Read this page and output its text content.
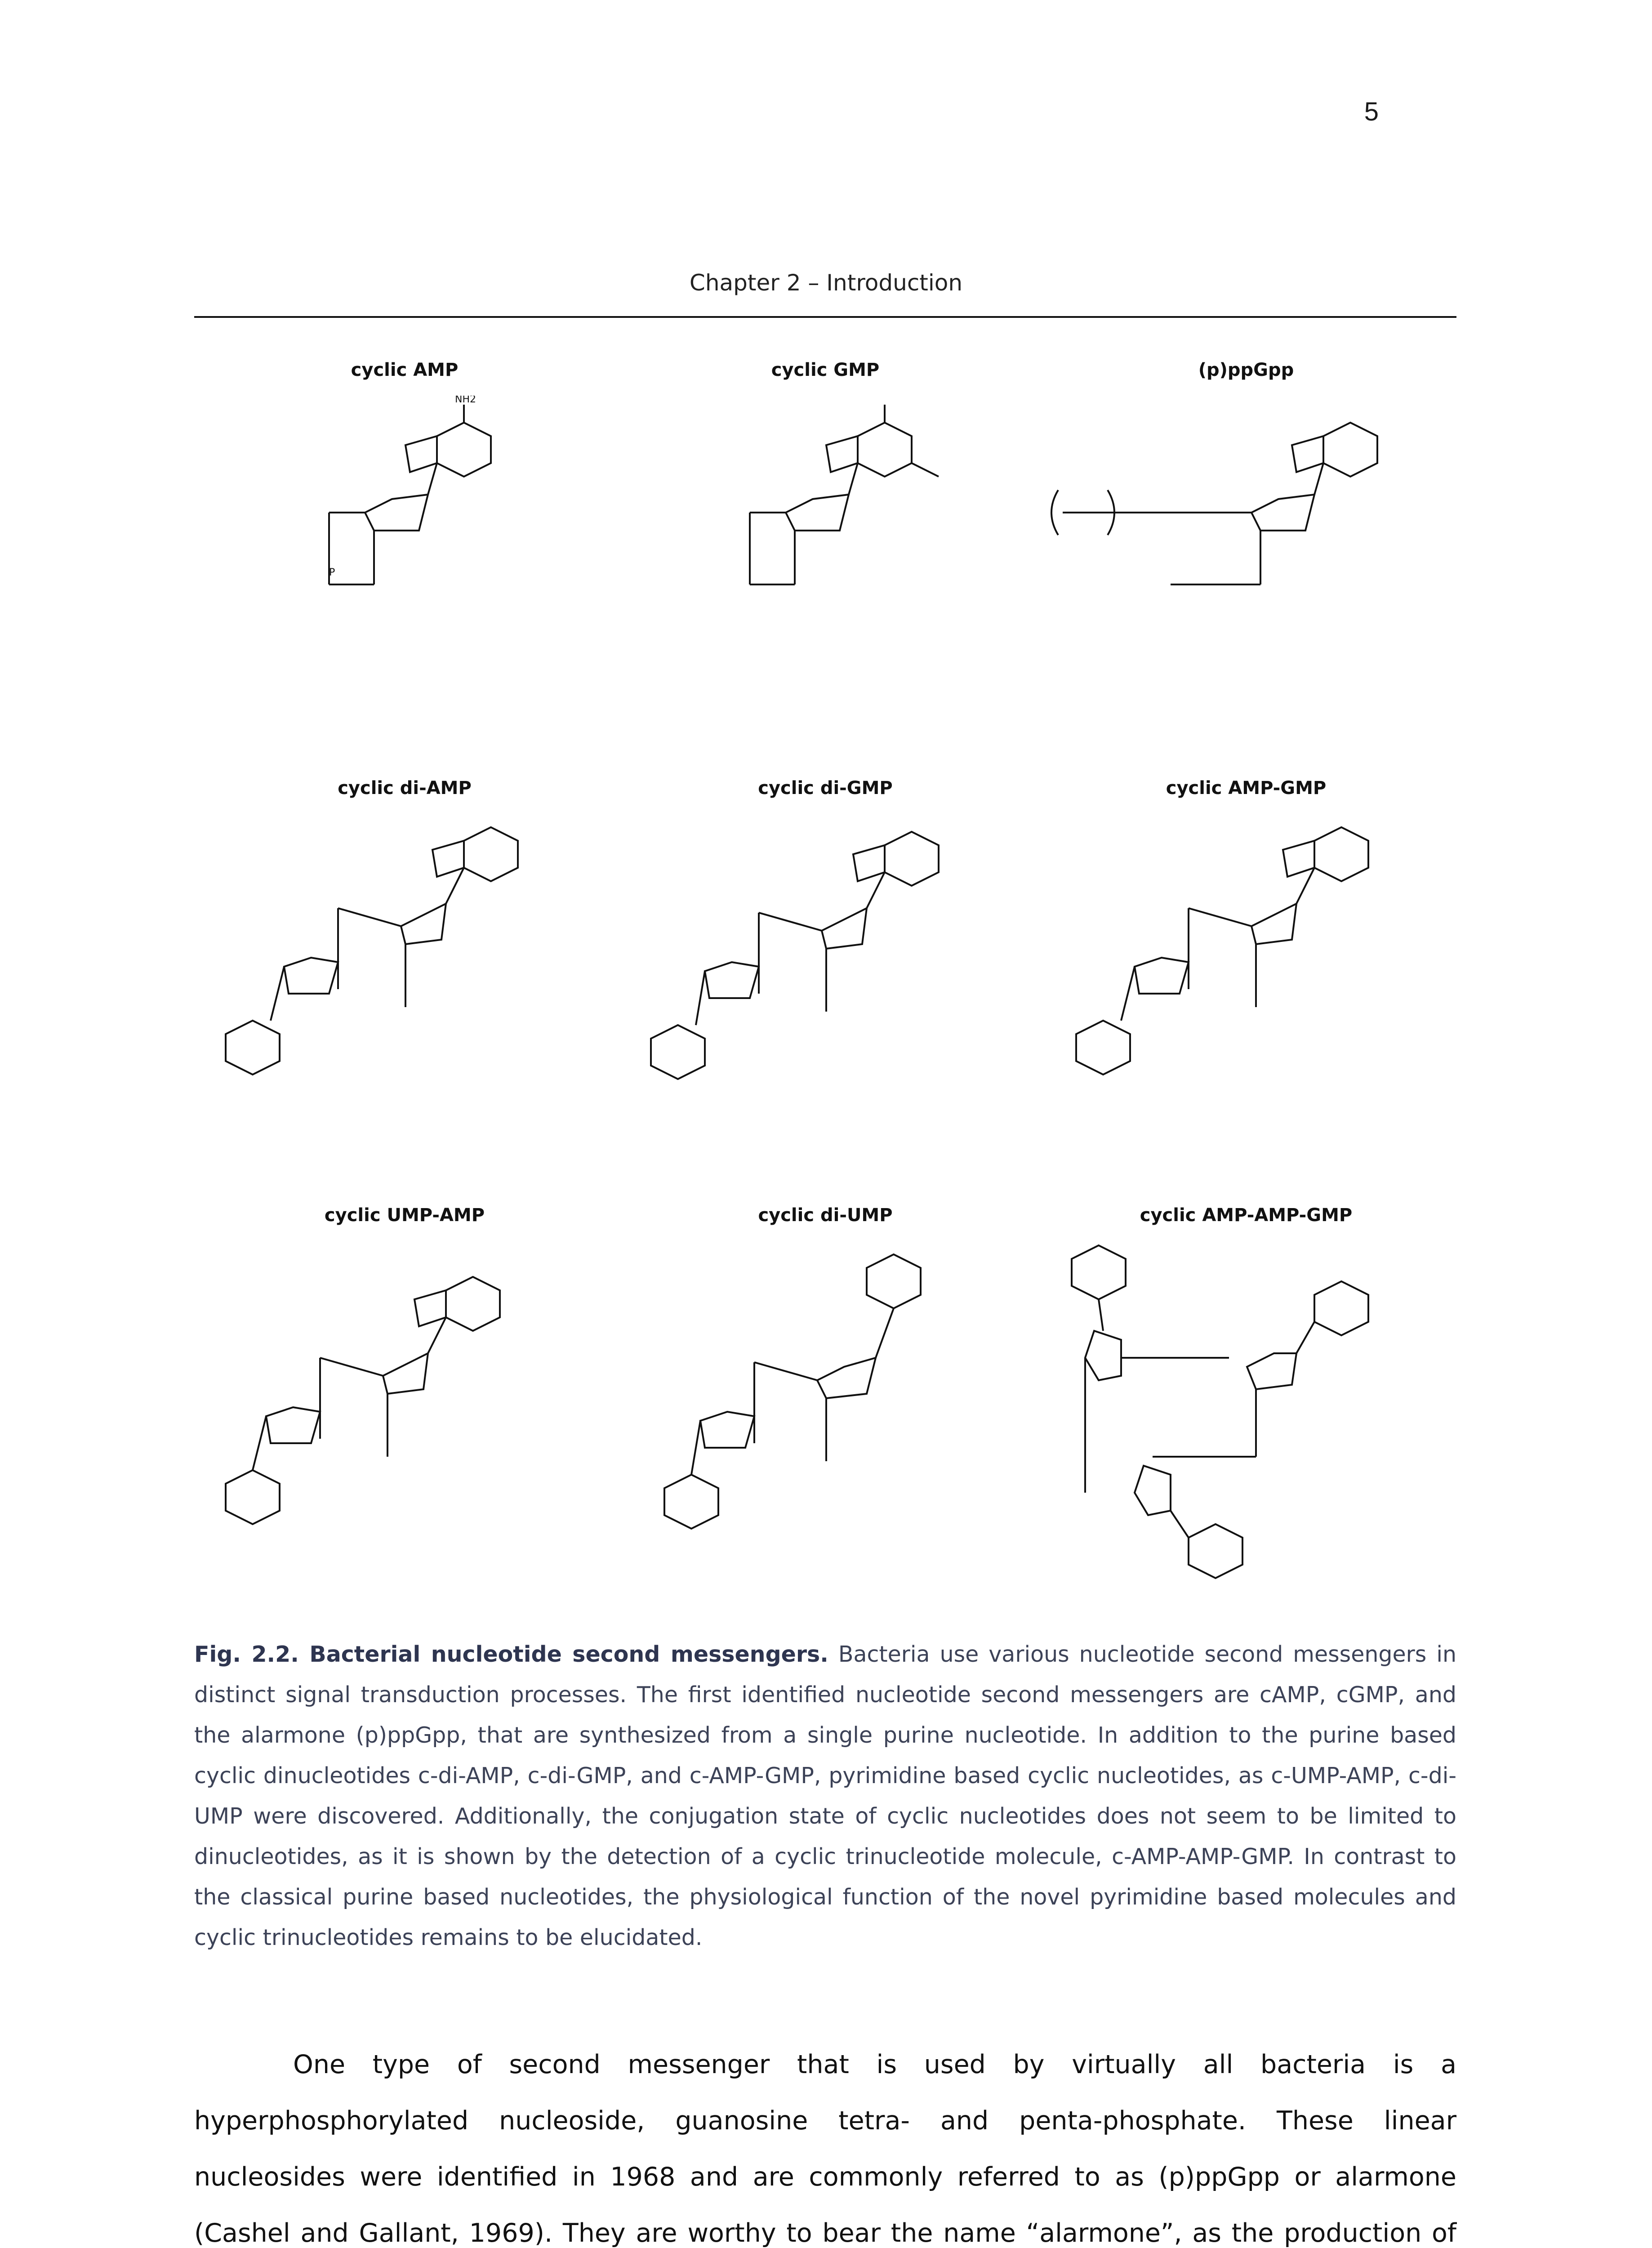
5
Chapter 2 – Introduction
cyclic AMP
NH2
P
cyclic GMP	(p)ppGpp
cyclic di-AMP	cyclic di-GMP	cyclic AMP-GMP
cyclic UMP-AMP	cyclic di-UMP	cyclic AMP-AMP-GMP
Fig. 2.2. Bacterial nucleotide second messengers. Bacteria use various nucleotide second messengers in distinct signal transduction processes. The first identified nucleotide second messengers are cAMP, cGMP, and the alarmone (p)ppGpp, that are synthesized from a single purine nucleotide. In addition to the purine based cyclic dinucleotides c-di-AMP, c-di-GMP, and c-AMP-GMP, pyrimidine based cyclic nucleotides, as c-UMP-AMP, c-di-UMP were discovered. Additionally, the conjugation state of cyclic nucleotides does not seem to be limited to dinucleotides, as it is shown by the detection of a cyclic trinucleotide molecule, c-AMP-AMP-GMP. In contrast to the classical purine based nucleotides, the physiological function of the novel pyrimidine based molecules and cyclic trinucleotides remains to be elucidated.
One type of second messenger that is used by virtually all bacteria is a hyperphosphorylated nucleoside, guanosine tetra- and penta-phosphate. These linear nucleosides were identified in 1968 and are commonly referred to as (p)ppGpp or alarmone (Cashel and Gallant, 1969). They are worthy to bear the name “alarmone”, as the production of
